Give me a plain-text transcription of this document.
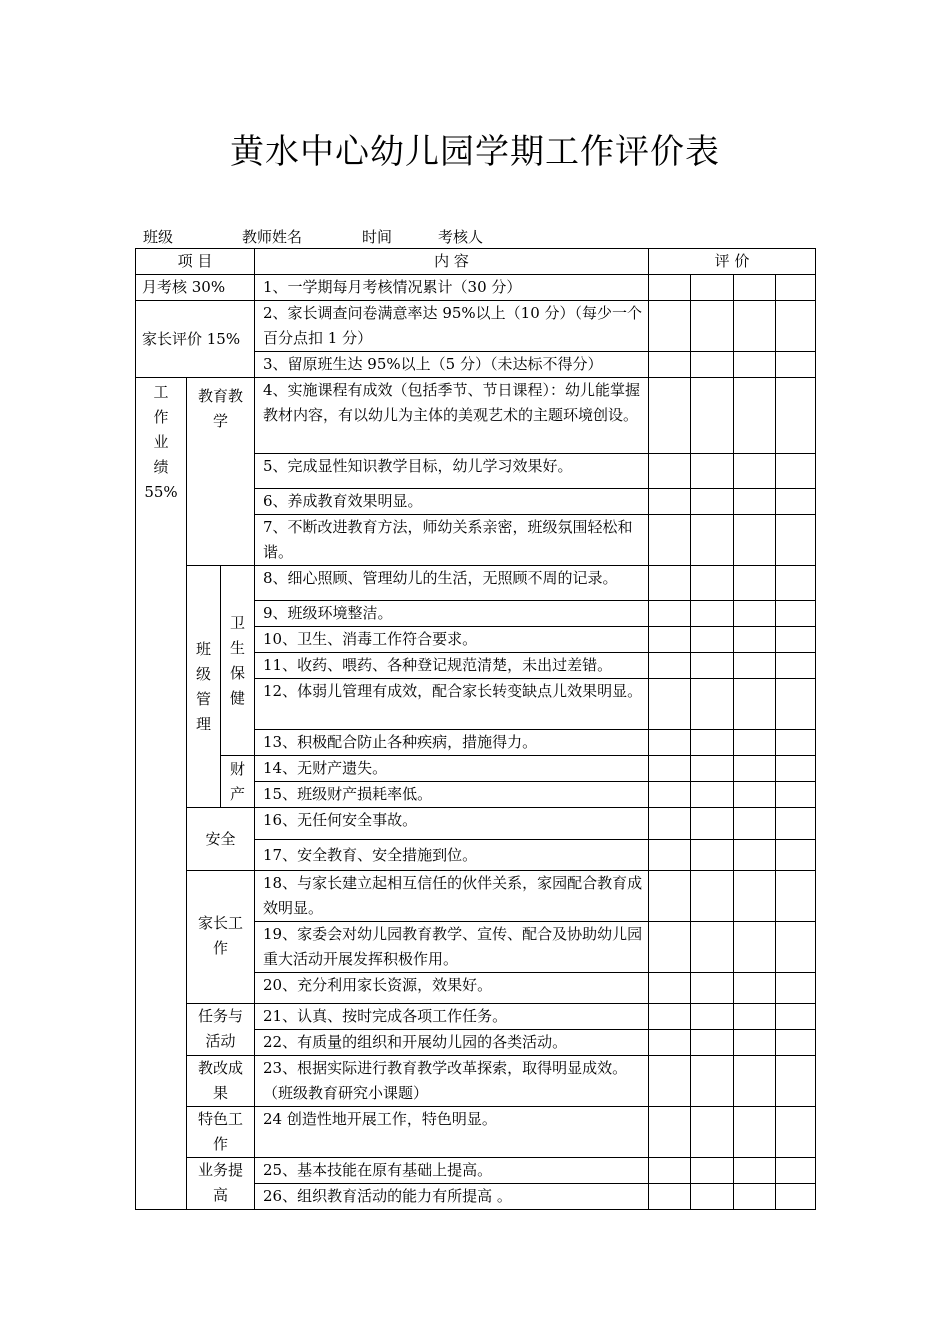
黄水中心幼儿园学期工作评价表
班级	教师姓名	时间	考核人
项 目			内 容	评 价			
月考核 30%			1、一学期每月考核情况累计（30 分）				
家长评价 15%			2、家长调查问卷满意率达 95%以上（10 分）（每少一个百分点扣 1 分）				
			3、留原班生达 95%以上（5 分）（未达标不得分）				

工作业绩
55%	教育教学		4、实施课程有成效（包括季节、节日课程）：幼儿能掌握教材内容，有以幼儿为主体的美观艺术的主题环境创设。				
			5、完成显性知识教学目标，幼儿学习效果好。				
			6、养成教育效果明显。				
			7、不断改进教育方法，师幼关系亲密，班级氛围轻松和谐。				

	班级管理	卫生保健	8、细心照顾、管理幼儿的生活，无照顾不周的记录。				
			9、班级环境整洁。				
			10、卫生、消毒工作符合要求。				
			11、收药、喂药、各种登记规范清楚，未出过差错。				
			12、体弱儿管理有成效，配合家长转变缺点儿效果明显。				
			13、积极配合防止各种疾病，措施得力。				

		财产	14、无财产遗失。				
			15、班级财产损耗率低。				
	安全		16、无任何安全事故。				
			17、安全教育、安全措施到位。				
	家长工作		18、与家长建立起相互信任的伙伴关系，家园配合教育成效明显。				
			19、家委会对幼儿园教育教学、宣传、配合及协助幼儿园重大活动开展发挥积极作用。				
			20、充分利用家长资源，效果好。				
	任务与活动		21、认真、按时完成各项工作任务。				
			22、有质量的组织和开展幼儿园的各类活动。				
	教改成果		23、根据实际进行教育教学改革探索，取得明显成效。（班级教育研究小课题）				
	特色工作		24 创造性地开展工作，特色明显。				
	业务提高		25、基本技能在原有基础上提高。				
			26、组织教育活动的能力有所提高 。				
